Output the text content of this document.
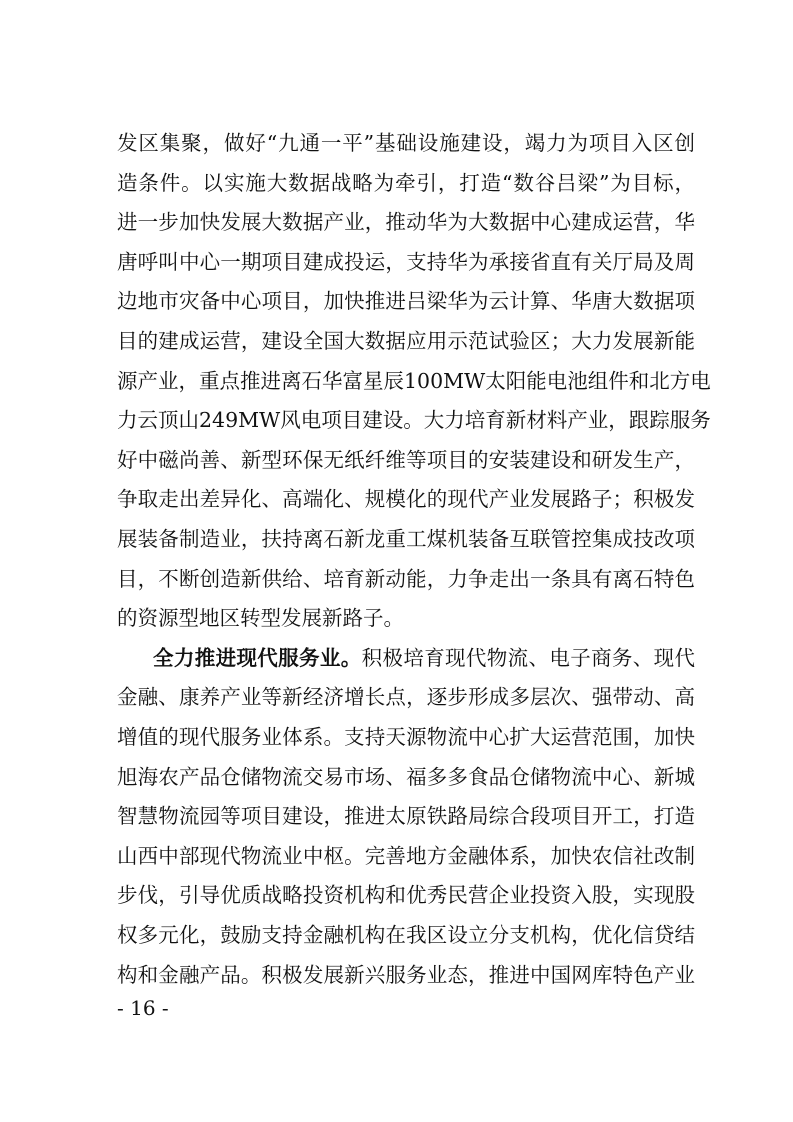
发区集聚，做好“九通一平”基础设施建设，竭力为项目入区创
造条件。以实施大数据战略为牵引，打造“数谷吕梁”为目标，
进一步加快发展大数据产业，推动华为大数据中心建成运营，华
唐呼叫中心一期项目建成投运，支持华为承接省直有关厅局及周
边地市灾备中心项目，加快推进吕梁华为云计算、华唐大数据项
目的建成运营，建设全国大数据应用示范试验区；大力发展新能
源产业，重点推进离石华富星辰100MW太阳能电池组件和北方电
力云顶山249MW风电项目建设。大力培育新材料产业，跟踪服务
好中磁尚善、新型环保无纸纤维等项目的安装建设和研发生产，
争取走出差异化、高端化、规模化的现代产业发展路子；积极发
展装备制造业，扶持离石新龙重工煤机装备互联管控集成技改项
目，不断创造新供给、培育新动能，力争走出一条具有离石特色
的资源型地区转型发展新路子。
全力推进现代服务业。积极培育现代物流、电子商务、现代
金融、康养产业等新经济增长点，逐步形成多层次、强带动、高
增值的现代服务业体系。支持天源物流中心扩大运营范围，加快
旭海农产品仓储物流交易市场、福多多食品仓储物流中心、新城
智慧物流园等项目建设，推进太原铁路局综合段项目开工，打造
山西中部现代物流业中枢。完善地方金融体系，加快农信社改制
步伐，引导优质战略投资机构和优秀民营企业投资入股，实现股
权多元化，鼓励支持金融机构在我区设立分支机构，优化信贷结
构和金融产品。积极发展新兴服务业态，推进中国网库特色产业
- 16 -
